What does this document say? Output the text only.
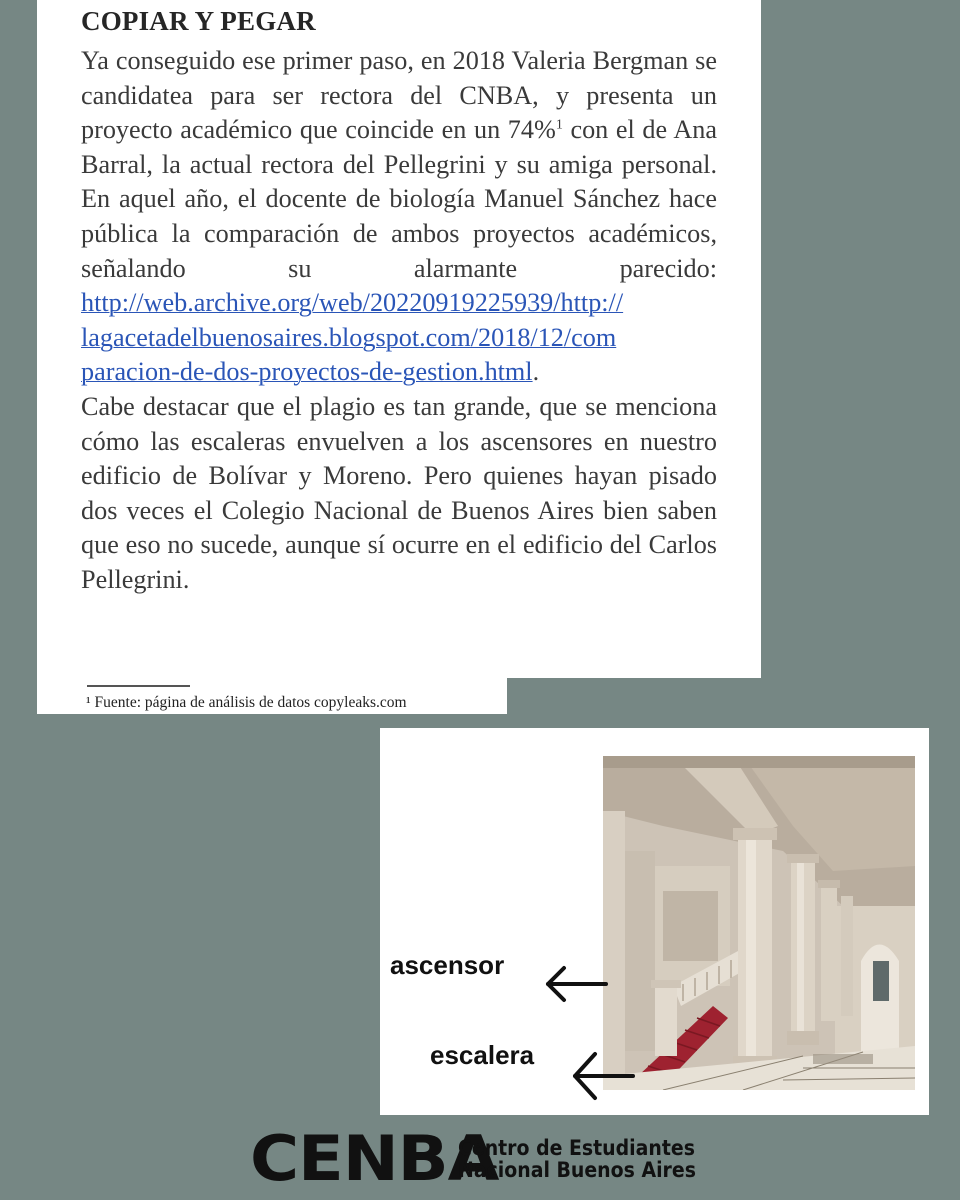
COPIAR Y PEGAR

Ya conseguido ese primer paso, en 2018 Valeria Bergman se candidatea para ser rectora del CNBA, y presenta un proyecto académico que coincide en un 74%$^1$ con el de Ana Barral, la actual rectora del Pellegrini y su amiga personal. En aquel año, el docente de biología Manuel Sánchez hace pública la comparación de ambos proyectos académicos, señalando su alarmante parecido:

http://web.archive.org/web/20220919225939/http://
lagacetadelbuenosaires.blogspot.com/2018/12/com
paracion-de-dos-proyectos-de-gestion.html.

Cabe destacar que el plagio es tan grande, que se menciona cómo las escaleras envuelven a los ascensores en nuestro edificio de Bolívar y Moreno. Pero quienes hayan pisado dos veces el Colegio Nacional de Buenos Aires bien saben que eso no sucede, aunque sí ocurre en el edificio del Carlos Pellegrini.

¹ Fuente: página de análisis de datos copyleaks.com
ascensor
escalera
CENBA
Centro de Estudiantes
Nacional Buenos Aires
